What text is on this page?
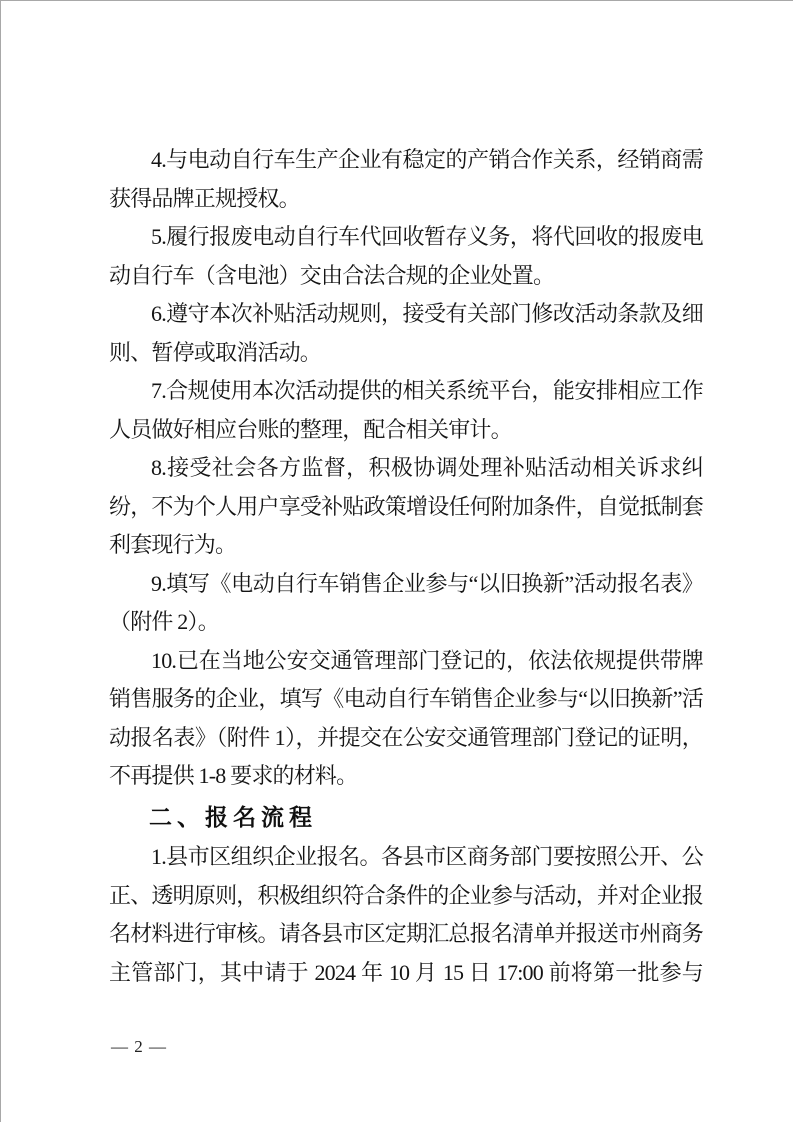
4.与电动自行车生产企业有稳定的产销合作关系，经销商需获得品牌正规授权。

5.履行报废电动自行车代回收暂存义务，将代回收的报废电动自行车（含电池）交由合法合规的企业处置。

6.遵守本次补贴活动规则，接受有关部门修改活动条款及细则、暂停或取消活动。

7.合规使用本次活动提供的相关系统平台，能安排相应工作人员做好相应台账的整理，配合相关审计。

8.接受社会各方监督，积极协调处理补贴活动相关诉求纠纷，不为个人用户享受补贴政策增设任何附加条件，自觉抵制套利套现行为。

9.填写《电动自行车销售企业参与“以旧换新”活动报名表》（附件 2）。

10.已在当地公安交通管理部门登记的，依法依规提供带牌销售服务的企业，填写《电动自行车销售企业参与“以旧换新”活动报名表》（附件 1），并提交在公安交通管理部门登记的证明，不再提供 1-8 要求的材料。

二、报名流程

1.县市区组织企业报名。各县市区商务部门要按照公开、公正、透明原则，积极组织符合条件的企业参与活动，并对企业报名材料进行审核。请各县市区定期汇总报名清单并报送市州商务主管部门，其中请于 2024 年 10 月 15 日 17:00 前将第一批参与

— 2 —
